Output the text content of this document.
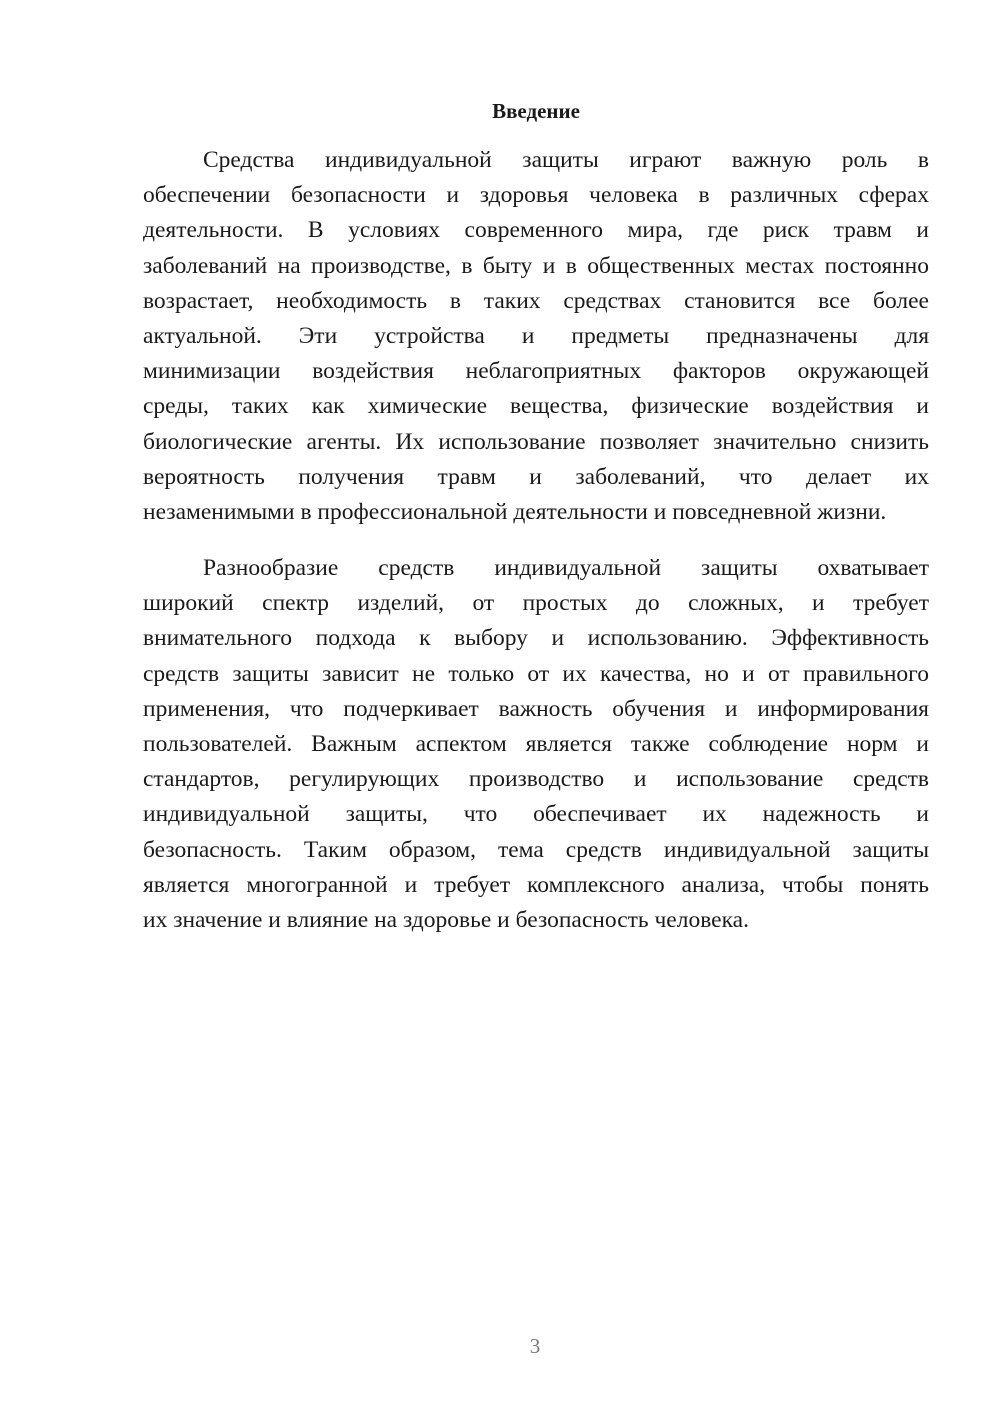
Введение
Средства индивидуальной защиты играют важную роль в
обеспечении безопасности и здоровья человека в различных сферах
деятельности. В условиях современного мира, где риск травм и
заболеваний на производстве, в быту и в общественных местах постоянно
возрастает, необходимость в таких средствах становится все более
актуальной. Эти устройства и предметы предназначены для
минимизации воздействия неблагоприятных факторов окружающей
среды, таких как химические вещества, физические воздействия и
биологические агенты. Их использование позволяет значительно снизить
вероятность получения травм и заболеваний, что делает их
незаменимыми в профессиональной деятельности и повседневной жизни.
Разнообразие средств индивидуальной защиты охватывает
широкий спектр изделий, от простых до сложных, и требует
внимательного подхода к выбору и использованию. Эффективность
средств защиты зависит не только от их качества, но и от правильного
применения, что подчеркивает важность обучения и информирования
пользователей. Важным аспектом является также соблюдение норм и
стандартов, регулирующих производство и использование средств
индивидуальной защиты, что обеспечивает их надежность и
безопасность. Таким образом, тема средств индивидуальной защиты
является многогранной и требует комплексного анализа, чтобы понять
их значение и влияние на здоровье и безопасность человека.
3
